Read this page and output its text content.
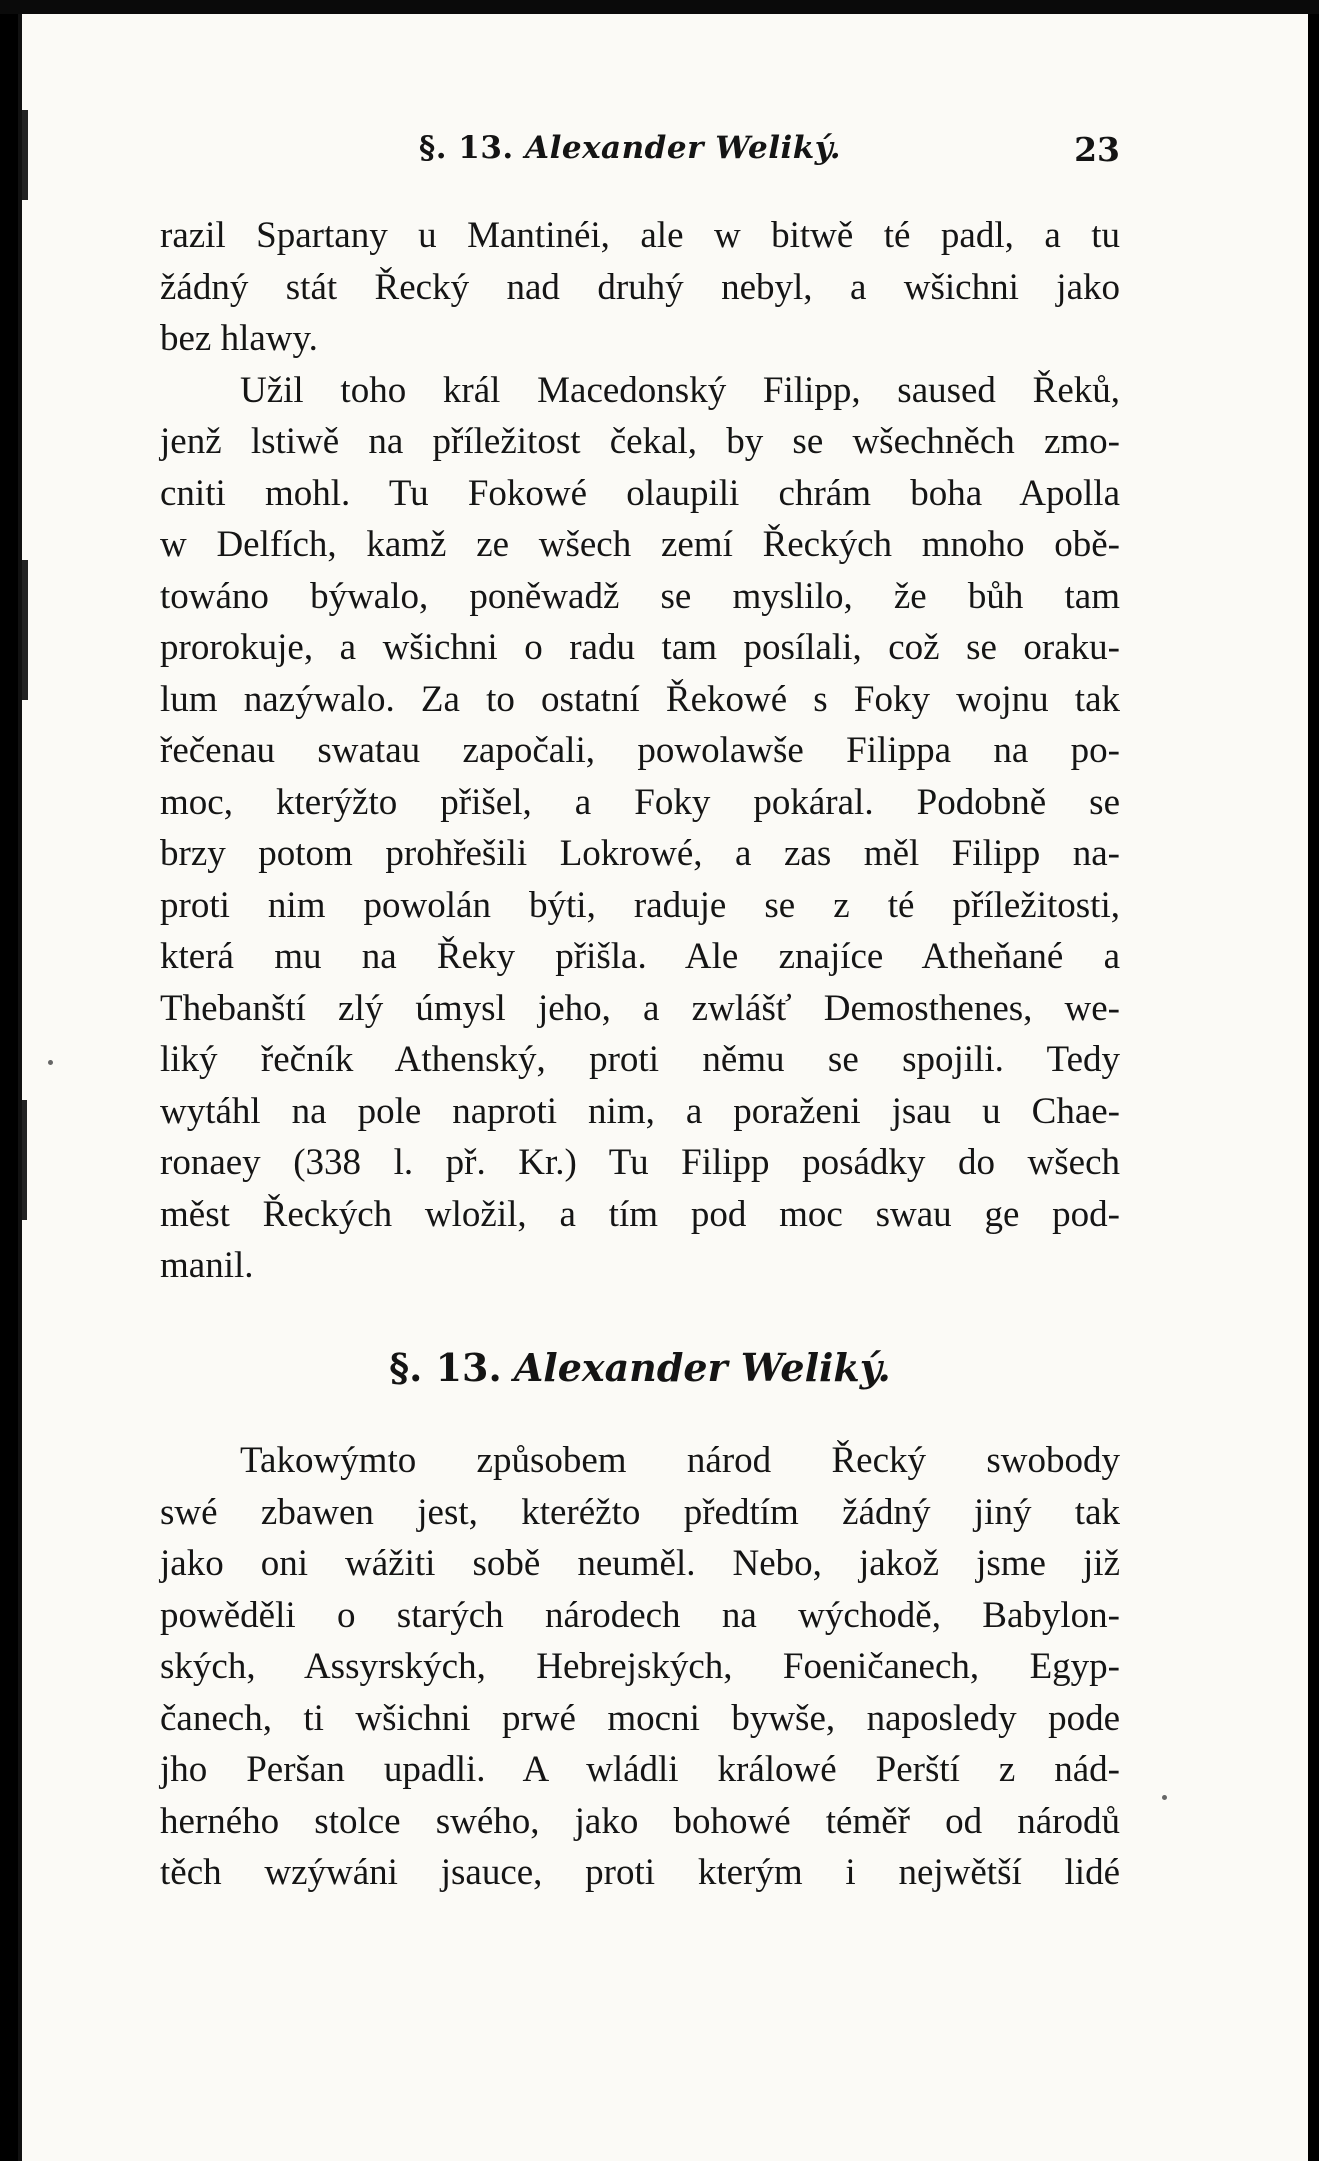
§. 13. Alexander Weliký.	23
razil Spartany u Mantinéi, ale w bitwě té padl, a tu
žádný stát Řecký nad druhý nebyl, a wšichni jako
bez hlawy.
Užil toho král Macedonský Filipp, saused Řeků,
jenž lstiwě na příležitost čekal, by se wšechněch zmo-
cniti mohl. Tu Fokowé olaupili chrám boha Apolla
w Delfích, kamž ze wšech zemí Řeckých mnoho obě-
towáno býwalo, poněwadž se myslilo, že bůh tam
prorokuje, a wšichni o radu tam posílali, což se oraku-
lum nazýwalo. Za to ostatní Řekowé s Foky wojnu tak
řečenau swatau započali, powolawše Filippa na po-
moc, kterýžto přišel, a Foky pokáral. Podobně se
brzy potom prohřešili Lokrowé, a zas měl Filipp na-
proti nim powolán býti, raduje se z té příležitosti,
která mu na Řeky přišla. Ale znajíce Atheňané a
Thebanští zlý úmysl jeho, a zwlášť Demosthenes, we-
liký řečník Athenský, proti němu se spojili. Tedy
wytáhl na pole naproti nim, a poraženi jsau u Chae-
ronaey (338 l. př. Kr.) Tu Filipp posádky do wšech
měst Řeckých wložil, a tím pod moc swau ge pod-
manil.
§. 13. Alexander Weliký.
Takowýmto způsobem národ Řecký swobody
swé zbawen jest, kteréžto předtím žádný jiný tak
jako oni wážiti sobě neuměl. Nebo, jakož jsme již
powěděli o starých národech na wýchodě, Babylon-
ských, Assyrských, Hebrejských, Foeničanech, Egyp-
čanech, ti wšichni prwé mocni bywše, naposledy pode
jho Peršan upadli. A wládli králowé Perští z nád-
herného stolce swého, jako bohowé téměř od národů
těch wzýwáni jsauce, proti kterým i nejwětší lidé
